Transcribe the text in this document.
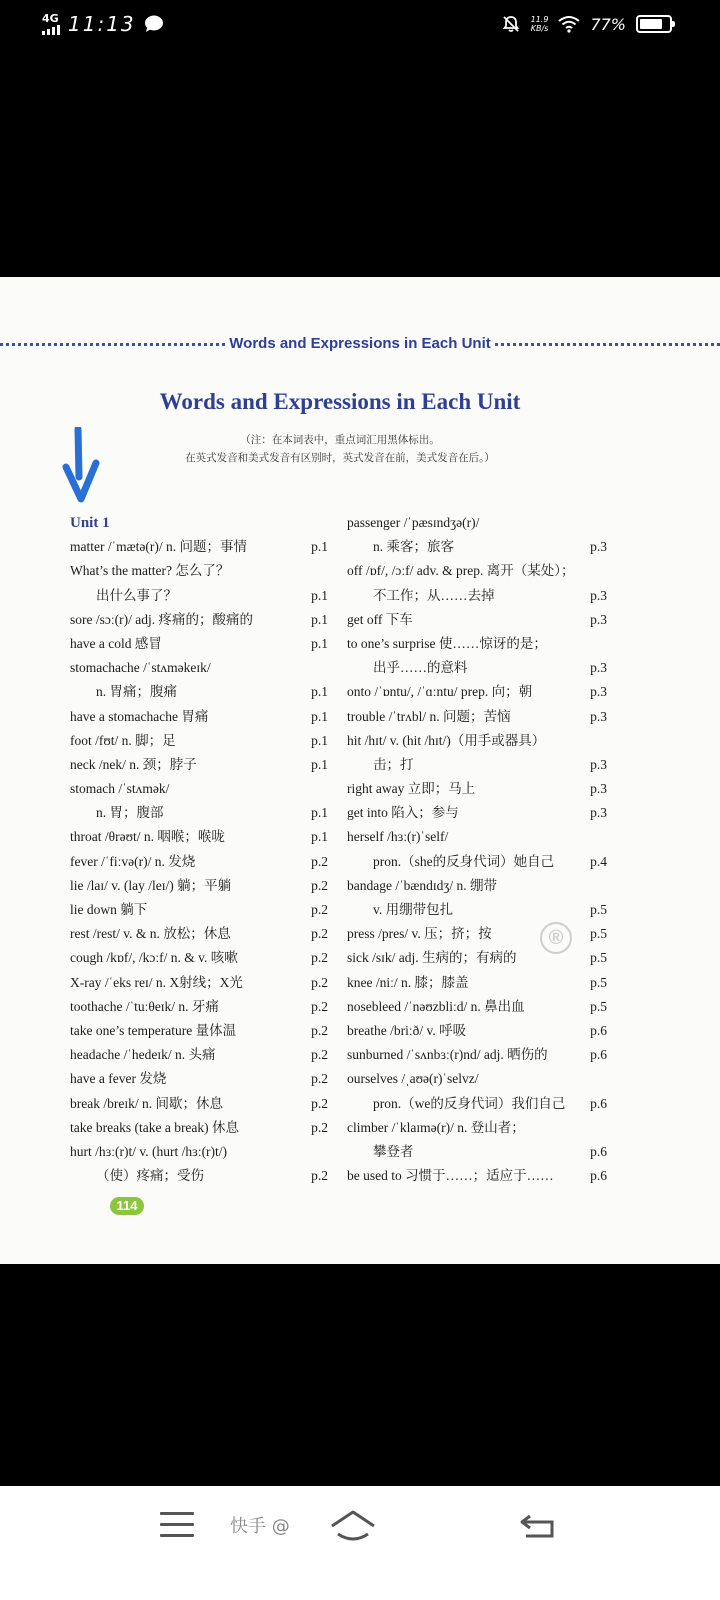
4G 11:13	11.9
KB/s	77%
Words and Expressions in Each Unit
Words and Expressions in Each Unit
（注：在本词表中，重点词汇用黑体标出。
在英式发音和美式发音有区别时，英式发音在前，美式发音在后。）
Unit 1
matter /ˈmætə(r)/ n. 问题；事情	p.1
What’s the matter? 怎么了？
出什么事了？	p.1
sore /sɔː(r)/ adj. 疼痛的；酸痛的	p.1
have a cold 感冒	p.1
stomachache /ˈstʌməkeɪk/
n. 胃痛；腹痛	p.1
have a stomachache 胃痛	p.1
foot /fʊt/ n. 脚；足	p.1
neck /nek/ n. 颈；脖子	p.1
stomach /ˈstʌmək/
n. 胃；腹部	p.1
throat /θrəʊt/ n. 咽喉；喉咙	p.1
fever /ˈfiːvə(r)/ n. 发烧	p.2
lie /laɪ/ v. (lay /leɪ/) 躺；平躺	p.2
lie down 躺下	p.2
rest /rest/ v. & n. 放松；休息	p.2
cough /kɒf/, /kɔːf/ n. & v. 咳嗽	p.2
X-ray /ˈeks reɪ/ n. X射线；X光	p.2
toothache /ˈtuːθeɪk/ n. 牙痛	p.2
take one’s temperature 量体温	p.2
headache /ˈhedeɪk/ n. 头痛	p.2
have a fever 发烧	p.2
break /breɪk/ n. 间歇；休息	p.2
take breaks (take a break) 休息	p.2
hurt /hɜː(r)t/ v. (hurt /hɜː(r)t/)
（使）疼痛；受伤	p.2
passenger /ˈpæsɪndʒə(r)/
n. 乘客；旅客	p.3
off /ɒf/, /ɔːf/ adv. & prep. 离开（某处）；
不工作；从……去掉	p.3
get off 下车	p.3
to one’s surprise 使……惊讶的是；
出乎……的意料	p.3
onto /ˈɒntu/, /ˈɑːntu/ prep. 向；朝	p.3
trouble /ˈtrʌbl/ n. 问题；苦恼	p.3
hit /hɪt/ v. (hit /hɪt/)（用手或器具）
击；打	p.3
right away 立即；马上	p.3
get into 陷入；参与	p.3
herself /hɜː(r)ˈself/
pron.（she的反身代词）她自己	p.4
bandage /ˈbændɪdʒ/ n. 绷带
v. 用绷带包扎	p.5
press /pres/ v. 压；挤；按	p.5
sick /sɪk/ adj. 生病的；有病的	p.5
knee /niː/ n. 膝；膝盖	p.5
nosebleed /ˈnəʊzbliːd/ n. 鼻出血	p.5
breathe /briːð/ v. 呼吸	p.6
sunburned /ˈsʌnbɜː(r)nd/ adj. 晒伤的	p.6
ourselves /ˌaʊə(r)ˈselvz/
pron.（we的反身代词）我们自己 p.6
climber /ˈklaɪmə(r)/ n. 登山者；
攀登者	p.6
be used to 习惯于……；适应于……	p.6
®
114
快手 @
